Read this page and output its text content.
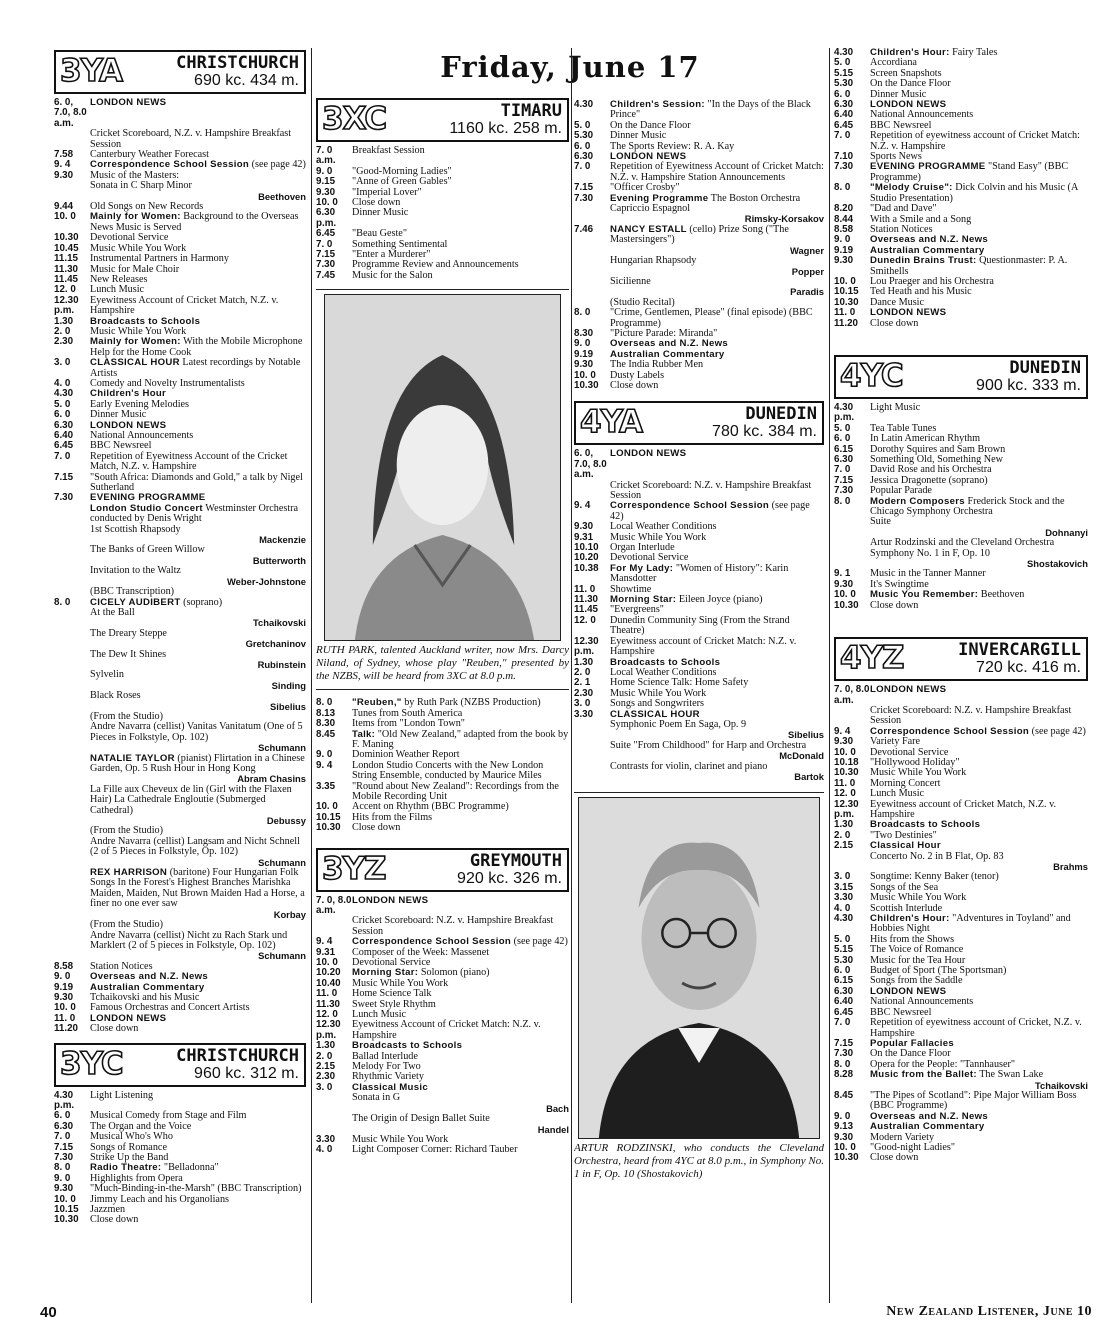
Friday, June 17
3YA	CHRISTCHURCH
690 kc. 434 m.
6. 0, 7.0, 8.0 a.m.
LONDON NEWS
Cricket Scoreboard, N.Z. v. Hampshire Breakfast Session
7.58	Canterbury Weather Forecast
9. 4	Correspondence School Session (see page 42)
9.30	Music of the Masters:
Sonata in C Sharp Minor
Beethoven
9.44	Old Songs on New Records
10. 0	Mainly for Women: Background to the Overseas News Music is Served
10.30	Devotional Service
10.45	Music While You Work
11.15	Instrumental Partners in Harmony
11.30	Music for Male Choir
11.45	New Releases
12. 0	Lunch Music
12.30 p.m.
Eyewitness Account of Cricket Match, N.Z. v. Hampshire
1.30	Broadcasts to Schools
2. 0	Music While You Work
2.30	Mainly for Women: With the Mobile Microphone Help for the Home Cook
3. 0	CLASSICAL HOUR Latest recordings by Notable Artists
4. 0	Comedy and Novelty Instrumentalists
4.30	Children's Hour
5. 0	Early Evening Melodies
6. 0	Dinner Music
6.30	LONDON NEWS
6.40	National Announcements
6.45	BBC Newsreel
7. 0	Repetition of Eyewitness Account of the Cricket Match, N.Z. v. Hampshire
7.15	"South Africa: Diamonds and Gold," a talk by Nigel Sutherland
7.30	EVENING PROGRAMME
London Studio Concert Westminster Orchestra conducted by Denis Wright
1st Scottish Rhapsody
Mackenzie
The Banks of Green Willow
Butterworth
Invitation to the Waltz
Weber-Johnstone
(BBC Transcription)
8. 0	CICELY AUDIBERT (soprano)
At the Ball
Tchaikovski
The Dreary Steppe
Gretchaninov
The Dew It Shines
Rubinstein
Sylvelin
Sinding
Black Roses
Sibelius
(From the Studio)
Andre Navarra (cellist) Vanitas Vanitatum (One of 5 Pieces in Folkstyle, Op. 102)
Schumann
NATALIE TAYLOR (pianist) Flirtation in a Chinese Garden, Op. 5 Rush Hour in Hong Kong
Abram Chasins
La Fille aux Cheveux de lin (Girl with the Flaxen Hair) La Cathedrale Engloutie (Submerged Cathedral)
Debussy
(From the Studio)
Andre Navarra (cellist) Langsam and Nicht Schnell (2 of 5 Pieces in Folkstyle, Op. 102)
Schumann
REX HARRISON (baritone) Four Hungarian Folk Songs In the Forest's Highest Branches Marishka Maiden, Maiden, Nut Brown Maiden Had a Horse, a finer no one ever saw
Korbay
(From the Studio)
Andre Navarra (cellist) Nicht zu Rach Stark und Marklert (2 of 5 pieces in Folkstyle, Op. 102)
Schumann
8.58	Station Notices
9. 0	Overseas and N.Z. News
9.19	Australian Commentary
9.30	Tchaikovski and his Music
10. 0	Famous Orchestras and Concert Artists
11. 0	LONDON NEWS
11.20	Close down
3YC	CHRISTCHURCH
960 kc. 312 m.
4.30 p.m.
Light Listening
6. 0	Musical Comedy from Stage and Film
6.30	The Organ and the Voice
7. 0	Musical Who's Who
7.15	Songs of Romance
7.30	Strike Up the Band
8. 0	Radio Theatre: "Belladonna"
9. 0	Highlights from Opera
9.30	"Much-Binding-in-the-Marsh" (BBC Transcription)
10. 0	Jimmy Leach and his Organolians
10.15	Jazzmen
10.30	Close down
3XC	TIMARU
1160 kc. 258 m.
7. 0 a.m.
Breakfast Session
9. 0	"Good-Morning Ladies"
9.15	"Anne of Green Gables"
9.30	"Imperial Lover"
10. 0	Close down
6.30 p.m.
Dinner Music
6.45	"Beau Geste"
7. 0	Something Sentimental
7.15	"Enter a Murderer"
7.30	Programme Review and Announcements
7.45	Music for the Salon
RUTH PARK, talented Auckland writer, now Mrs. Darcy Niland, of Sydney, whose play "Reuben," presented by the NZBS, will be heard from 3XC at 8.0 p.m.
8. 0	"Reuben," by Ruth Park (NZBS Production)
8.13	Tunes from South America
8.30	Items from "London Town"
8.45	Talk: "Old New Zealand," adapted from the book by F. Maning
9. 0	Dominion Weather Report
9. 4	London Studio Concerts with the New London String Ensemble, conducted by Maurice Miles
3.35	"Round about New Zealand": Recordings from the Mobile Recording Unit
10. 0	Accent on Rhythm (BBC Programme)
10.15	Hits from the Films
10.30	Close down
3YZ	GREYMOUTH
920 kc. 326 m.
7. 0, 8.0 a.m.
LONDON NEWS
Cricket Scoreboard: N.Z. v. Hampshire Breakfast Session
9. 4	Correspondence School Session (see page 42)
9.31	Composer of the Week: Massenet
10. 0	Devotional Service
10.20	Morning Star: Solomon (piano)
10.40	Music While You Work
11. 0	Home Science Talk
11.30	Sweet Style Rhythm
12. 0	Lunch Music
12.30 p.m.
Eyewitness Account of Cricket Match: N.Z. v. Hampshire
1.30	Broadcasts to Schools
2. 0	Ballad Interlude
2.15	Melody For Two
2.30	Rhythmic Variety
3. 0	Classical Music
Sonata in G
Bach
The Origin of Design Ballet Suite
Handel
3.30	Music While You Work
4. 0	Light Composer Corner: Richard Tauber
4.30	Children's Session: "In the Days of the Black Prince"
5. 0	On the Dance Floor
5.30	Dinner Music
6. 0	The Sports Review: R. A. Kay
6.30	LONDON NEWS
7. 0	Repetition of Eyewitness Account of Cricket Match: N.Z. v. Hampshire Station Announcements
7.15	"Officer Crosby"
7.30	Evening Programme The Boston Orchestra
Capriccio Espagnol
Rimsky-Korsakov
7.46	NANCY ESTALL (cello) Prize Song ("The Mastersingers")
Wagner
Hungarian Rhapsody
Popper
Sicilienne
Paradis
(Studio Recital)
8. 0	"Crime, Gentlemen, Please" (final episode) (BBC Programme)
8.30	"Picture Parade: Miranda"
9. 0	Overseas and N.Z. News
9.19	Australian Commentary
9.30	The India Rubber Men
10. 0	Dusty Labels
10.30	Close down
4YA	DUNEDIN
780 kc. 384 m.
6. 0, 7.0, 8.0 a.m.
LONDON NEWS
Cricket Scoreboard: N.Z. v. Hampshire Breakfast Session
9. 4	Correspondence School Session (see page 42)
9.30	Local Weather Conditions
9.31	Music While You Work
10.10	Organ Interlude
10.20	Devotional Service
10.38	For My Lady: "Women of History": Karin Mansdotter
11. 0	Showtime
11.30	Morning Star: Eileen Joyce (piano)
11.45	"Evergreens"
12. 0	Dunedin Community Sing (From the Strand Theatre)
12.30 p.m.
Eyewitness account of Cricket Match: N.Z. v. Hampshire
1.30	Broadcasts to Schools
2. 0	Local Weather Conditions
2. 1	Home Science Talk: Home Safety
2.30	Music While You Work
3. 0	Songs and Songwriters
3.30	CLASSICAL HOUR
Symphonic Poem En Saga, Op. 9
Sibelius
Suite "From Childhood" for Harp and Orchestra
McDonald
Contrasts for violin, clarinet and piano
Bartok
ARTUR RODZINSKI, who conducts the Cleveland Orchestra, heard from 4YC at 8.0 p.m., in Symphony No. 1 in F, Op. 10 (Shostakovich)
4.30	Children's Hour: Fairy Tales
5. 0	Accordiana
5.15	Screen Snapshots
5.30	On the Dance Floor
6. 0	Dinner Music
6.30	LONDON NEWS
6.40	National Announcements
6.45	BBC Newsreel
7. 0	Repetition of eyewitness account of Cricket Match: N.Z. v. Hampshire
7.10	Sports News
7.30	EVENING PROGRAMME "Stand Easy" (BBC Programme)
8. 0	"Melody Cruise": Dick Colvin and his Music (A Studio Presentation)
8.20	"Dad and Dave"
8.44	With a Smile and a Song
8.58	Station Notices
9. 0	Overseas and N.Z. News
9.19	Australian Commentary
9.30	Dunedin Brains Trust: Questionmaster: P. A. Smithells
10. 0	Lou Praeger and his Orchestra
10.15	Ted Heath and his Music
10.30	Dance Music
11. 0	LONDON NEWS
11.20	Close down
4YC	DUNEDIN
900 kc. 333 m.
4.30 p.m.
Light Music
5. 0	Tea Table Tunes
6. 0	In Latin American Rhythm
6.15	Dorothy Squires and Sam Brown
6.30	Something Old, Something New
7. 0	David Rose and his Orchestra
7.15	Jessica Dragonette (soprano)
7.30	Popular Parade
8. 0	Modern Composers Frederick Stock and the Chicago Symphony Orchestra
Suite
Dohnanyi
Artur Rodzinski and the Cleveland Orchestra Symphony No. 1 in F, Op. 10
Shostakovich
9. 1	Music in the Tanner Manner
9.30	It's Swingtime
10. 0	Music You Remember: Beethoven
10.30	Close down
4YZ	INVERCARGILL
720 kc. 416 m.
7. 0, 8.0 a.m.
LONDON NEWS
Cricket Scoreboard: N.Z. v. Hampshire Breakfast Session
9. 4	Correspondence School Session (see page 42)
9.30	Variety Fare
10. 0	Devotional Service
10.18	"Hollywood Holiday"
10.30	Music While You Work
11. 0	Morning Concert
12. 0	Lunch Music
12.30 p.m.
Eyewitness account of Cricket Match, N.Z. v. Hampshire
1.30	Broadcasts to Schools
2. 0	"Two Destinies"
2.15	Classical Hour
Concerto No. 2 in B Flat, Op. 83
Brahms
3. 0	Songtime: Kenny Baker (tenor)
3.15	Songs of the Sea
3.30	Music While You Work
4. 0	Scottish Interlude
4.30	Children's Hour: "Adventures in Toyland" and Hobbies Night
5. 0	Hits from the Shows
5.15	The Voice of Romance
5.30	Music for the Tea Hour
6. 0	Budget of Sport (The Sportsman)
6.15	Songs from the Saddle
6.30	LONDON NEWS
6.40	National Announcements
6.45	BBC Newsreel
7. 0	Repetition of eyewitness account of Cricket, N.Z. v. Hampshire
7.15	Popular Fallacies
7.30	On the Dance Floor
8. 0	Opera for the People: "Tannhauser"
8.28	Music from the Ballet: The Swan Lake
Tchaikovski
8.45	"The Pipes of Scotland": Pipe Major William Boss (BBC Programme)
9. 0	Overseas and N.Z. News
9.13	Australian Commentary
9.30	Modern Variety
10. 0	"Good-night Ladies"
10.30	Close down
40	New Zealand Listener, June 10
